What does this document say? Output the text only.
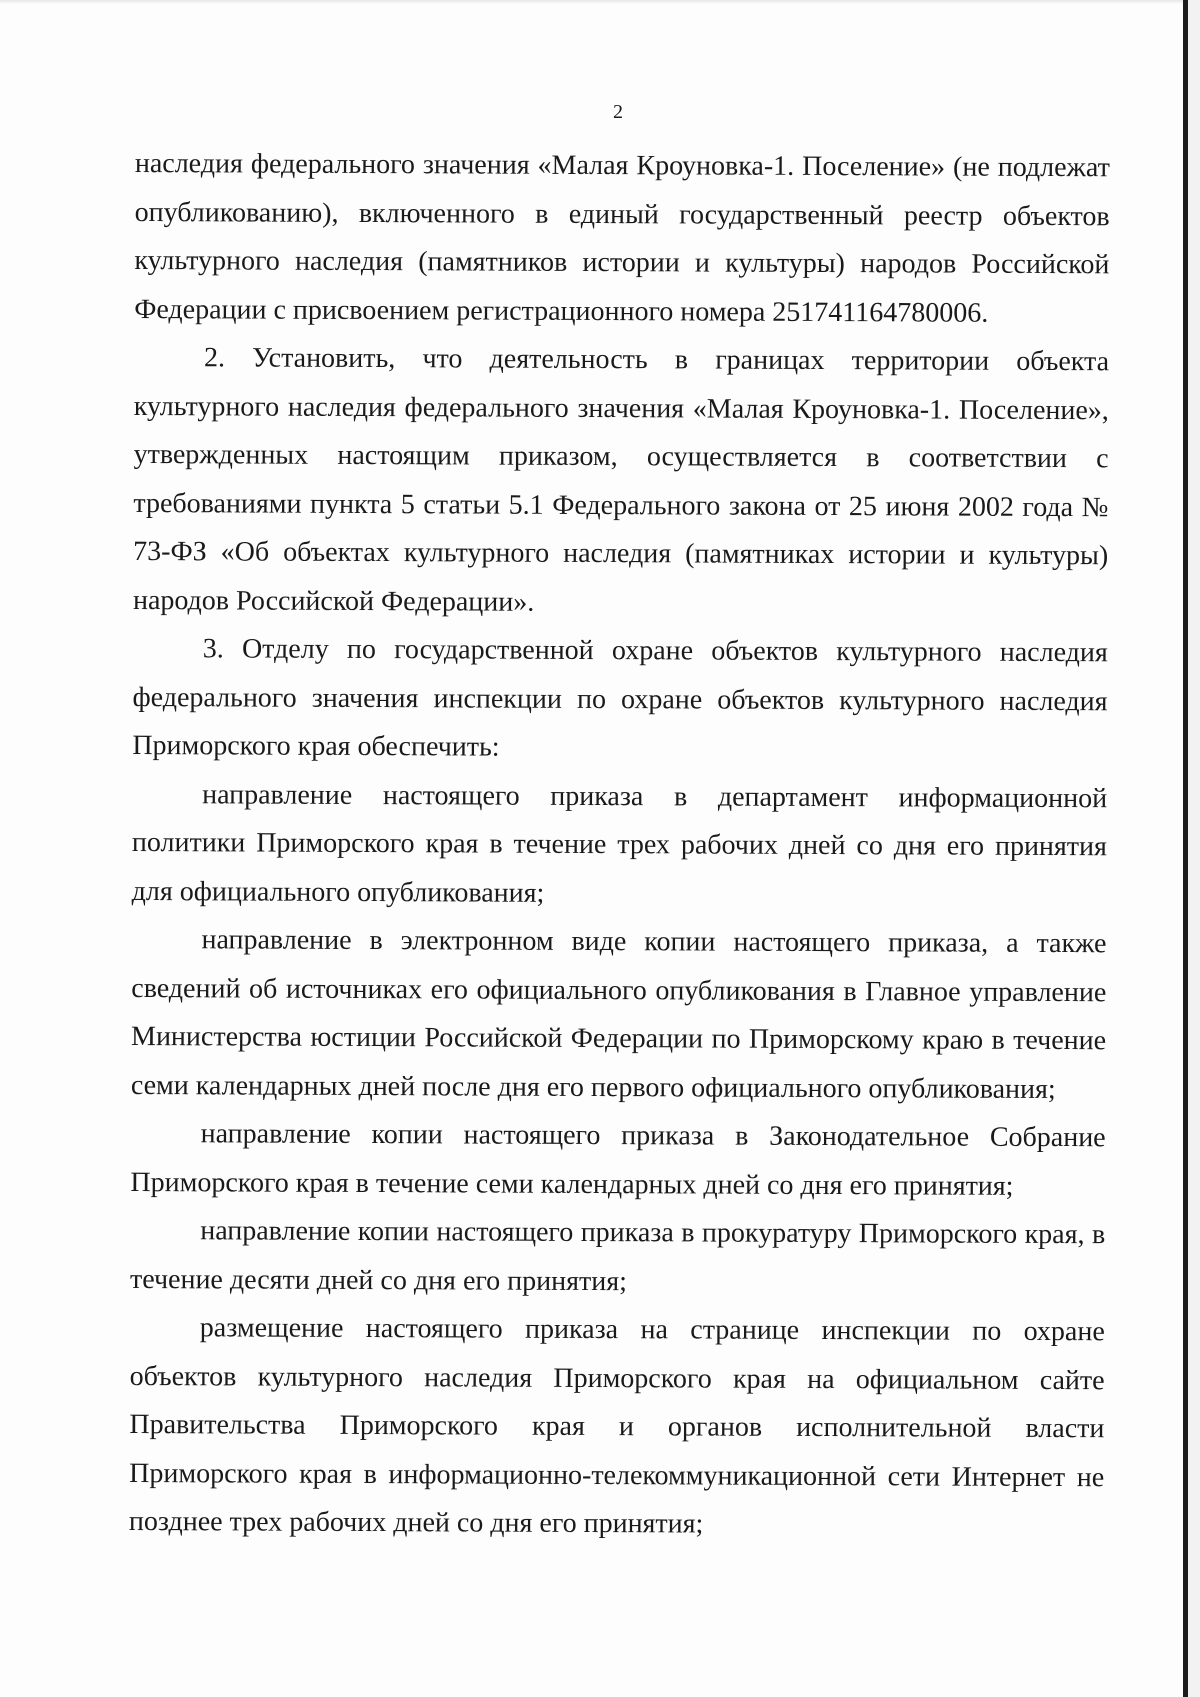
2

наследия федерального значения «Малая Кроуновка-1. Поселение» (не подлежат опубликованию), включенного в единый государственный реестр объектов культурного наследия (памятников истории и культуры) народов Российской Федерации с присвоением регистрационного номера 251741164780006.

2. Установить, что деятельность в границах территории объекта культурного наследия федерального значения «Малая Кроуновка-1. Поселение», утвержденных настоящим приказом, осуществляется в соответствии с требованиями пункта 5 статьи 5.1 Федерального закона от 25 июня 2002 года № 73-ФЗ «Об объектах культурного наследия (памятниках истории и культуры) народов Российской Федерации».

3. Отделу по государственной охране объектов культурного наследия федерального значения инспекции по охране объектов культурного наследия Приморского края обеспечить:

направление настоящего приказа в департамент информационной политики Приморского края в течение трех рабочих дней со дня его принятия для официального опубликования;

направление в электронном виде копии настоящего приказа, а также сведений об источниках его официального опубликования в Главное управление Министерства юстиции Российской Федерации по Приморскому краю в течение семи календарных дней после дня его первого официального опубликования;

направление копии настоящего приказа в Законодательное Собрание Приморского края в течение семи календарных дней со дня его принятия;

направление копии настоящего приказа в прокуратуру Приморского края, в течение десяти дней со дня его принятия;

размещение настоящего приказа на странице инспекции по охране объектов культурного наследия Приморского края на официальном сайте Правительства Приморского края и органов исполнительной власти Приморского края в информационно-телекоммуникационной сети Интернет не позднее трех рабочих дней со дня его принятия;
